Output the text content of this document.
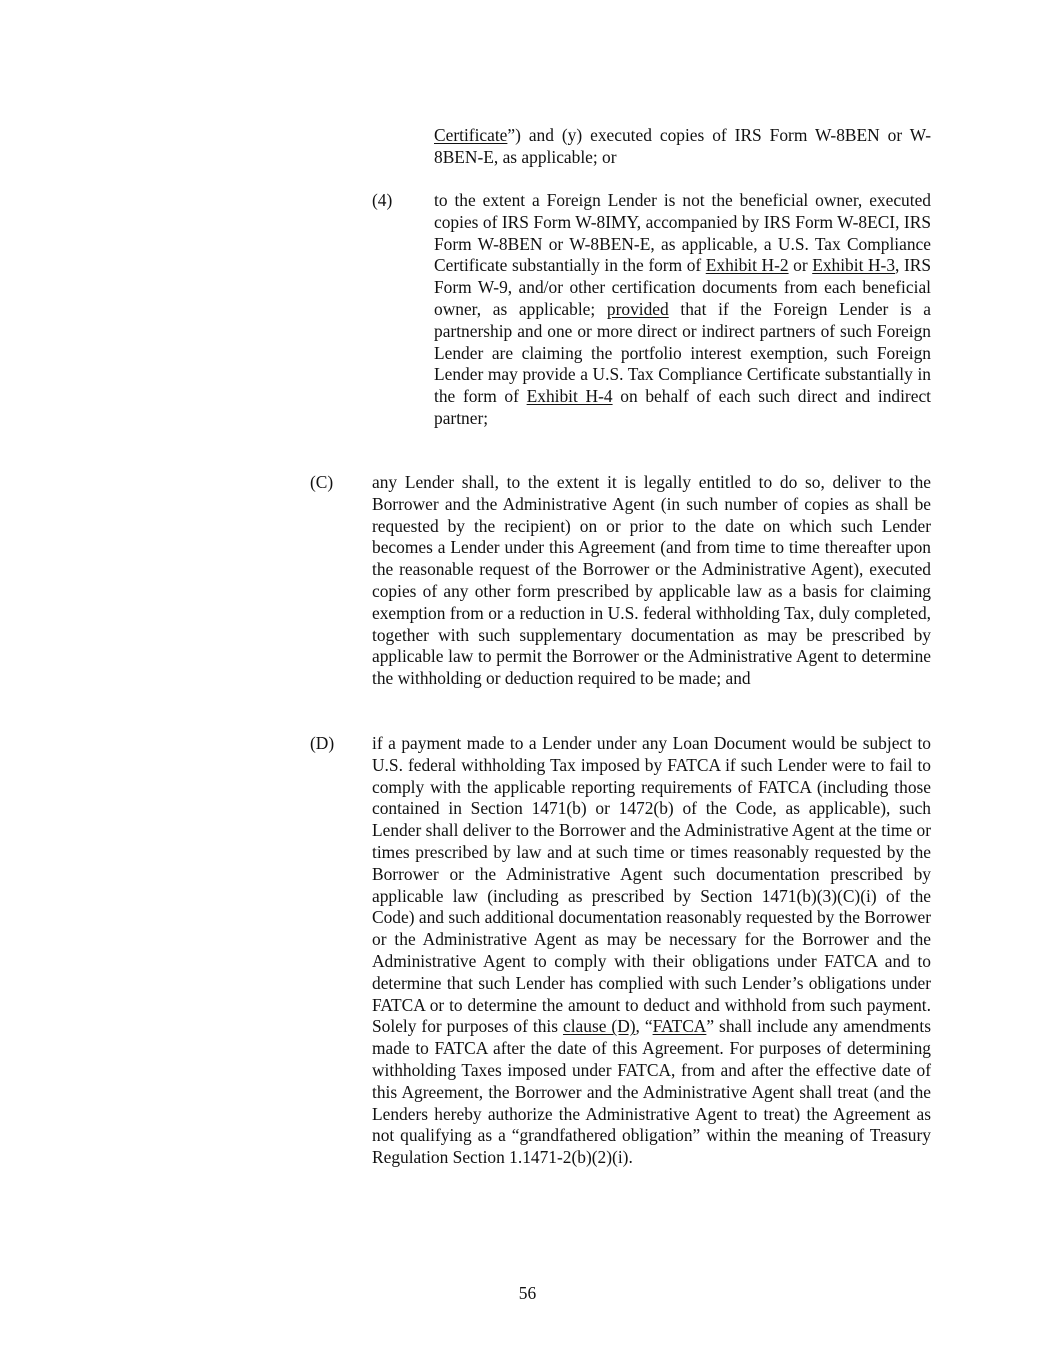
Certificate”) and (y) executed copies of IRS Form W-8BEN or W-8BEN-E, as applicable; or

(4) to the extent a Foreign Lender is not the beneficial owner, executed copies of IRS Form W-8IMY, accompanied by IRS Form W-8ECI, IRS Form W-8BEN or W-8BEN-E, as applicable, a U.S. Tax Compliance Certificate substantially in the form of Exhibit H-2 or Exhibit H-3, IRS Form W-9, and/or other certification documents from each beneficial owner, as applicable; provided that if the Foreign Lender is a partnership and one or more direct or indirect partners of such Foreign Lender are claiming the portfolio interest exemption, such Foreign Lender may provide a U.S. Tax Compliance Certificate substantially in the form of Exhibit H-4 on behalf of each such direct and indirect partner;

(C) any Lender shall, to the extent it is legally entitled to do so, deliver to the Borrower and the Administrative Agent (in such number of copies as shall be requested by the recipient) on or prior to the date on which such Lender becomes a Lender under this Agreement (and from time to time thereafter upon the reasonable request of the Borrower or the Administrative Agent), executed copies of any other form prescribed by applicable law as a basis for claiming exemption from or a reduction in U.S. federal withholding Tax, duly completed, together with such supplementary documentation as may be prescribed by applicable law to permit the Borrower or the Administrative Agent to determine the withholding or deduction required to be made; and

(D) if a payment made to a Lender under any Loan Document would be subject to U.S. federal withholding Tax imposed by FATCA if such Lender were to fail to comply with the applicable reporting requirements of FATCA (including those contained in Section 1471(b) or 1472(b) of the Code, as applicable), such Lender shall deliver to the Borrower and the Administrative Agent at the time or times prescribed by law and at such time or times reasonably requested by the Borrower or the Administrative Agent such documentation prescribed by applicable law (including as prescribed by Section 1471(b)(3)(C)(i) of the Code) and such additional documentation reasonably requested by the Borrower or the Administrative Agent as may be necessary for the Borrower and the Administrative Agent to comply with their obligations under FATCA and to determine that such Lender has complied with such Lender’s obligations under FATCA or to determine the amount to deduct and withhold from such payment. Solely for purposes of this clause (D), “FATCA” shall include any amendments made to FATCA after the date of this Agreement. For purposes of determining withholding Taxes imposed under FATCA, from and after the effective date of this Agreement, the Borrower and the Administrative Agent shall treat (and the Lenders hereby authorize the Administrative Agent to treat) the Agreement as not qualifying as a “grandfathered obligation” within the meaning of Treasury Regulation Section 1.1471-2(b)(2)(i).

56
